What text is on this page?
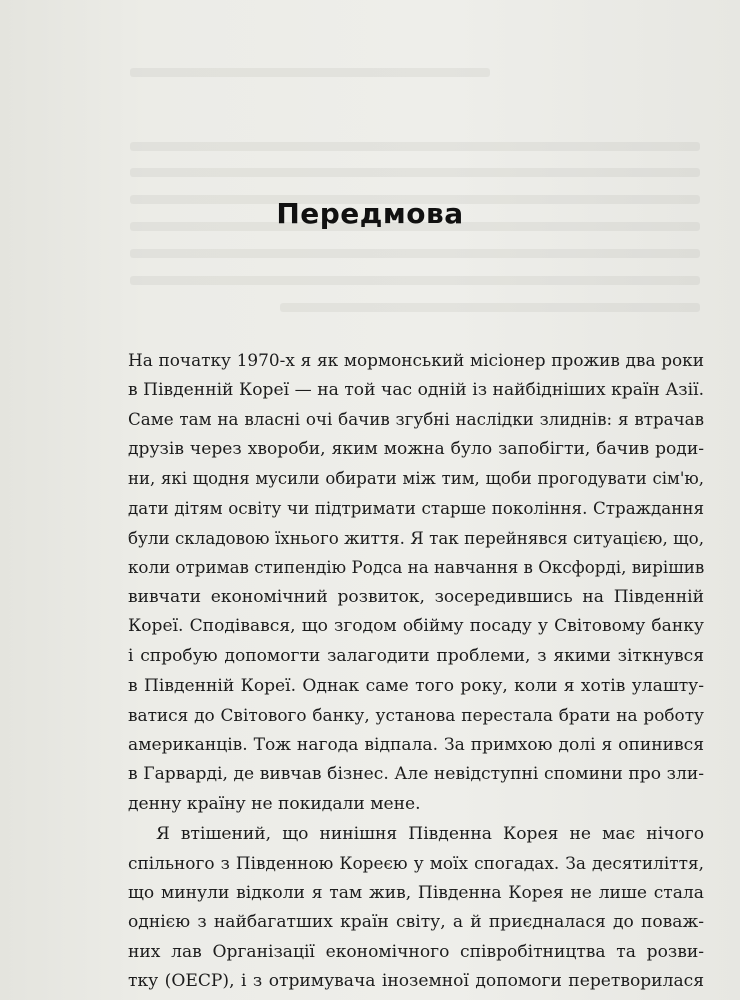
Передмова
На початку 1970-х я як мормонський місіонер прожив два роки
в Південній Кореї — на той час одній із найбідніших країн Азії.
Саме там на власні очі бачив згубні наслідки злиднів: я втрачав
друзів через хвороби, яким можна було запобігти, бачив роди-
ни, які щодня мусили обирати між тим, щоби прогодувати сім'ю,
дати дітям освіту чи підтримати старше покоління. Страждання
були складовою їхнього життя. Я так перейнявся ситуацією, що,
коли отримав стипендію Родса на навчання в Оксфорді, вирішив
вивчати економічний розвиток, зосередившись на Південній
Кореї. Сподівався, що згодом обійму посаду у Світовому банку
і спробую допомогти залагодити проблеми, з якими зіткнувся
в Південній Кореї. Однак саме того року, коли я хотів улашту-
ватися до Світового банку, установа перестала брати на роботу
американців. Тож нагода відпала. За примхою долі я опинився
в Гарварді, де вивчав бізнес. Але невідступні спомини про зли-
денну країну не покидали мене.
Я втішений, що нинішня Південна Корея не має нічого
спільного з Південною Кореєю у моїх спогадах. За десятиліття,
що минули відколи я там жив, Південна Корея не лише стала
однією з найбагатших країн світу, а й приєдналася до поваж-
них лав Організації економічного співробітництва та розви-
тку (ОЕСР), і з отримувача іноземної допомоги перетворилася
